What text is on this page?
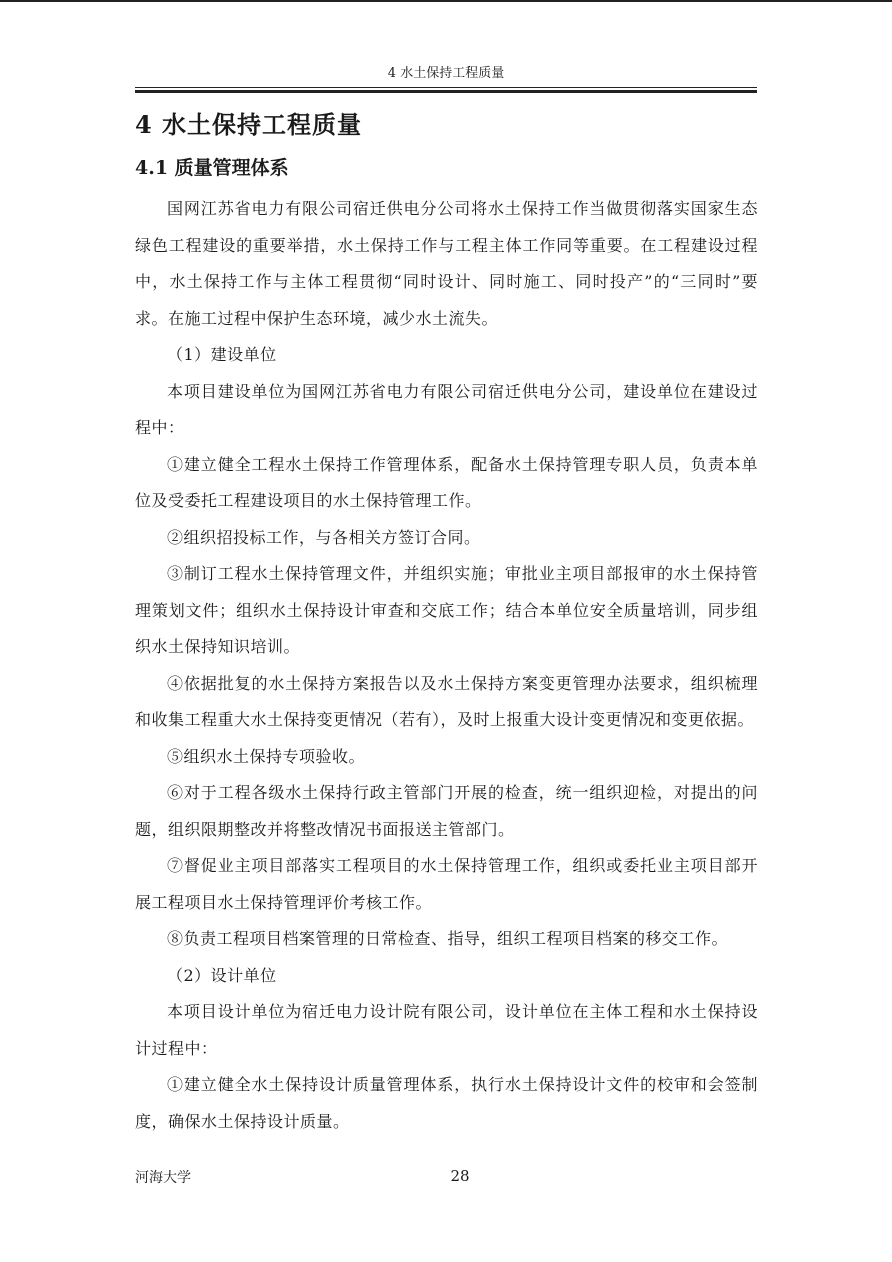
4 水土保持工程质量
4 水土保持工程质量
4.1 质量管理体系

国网江苏省电力有限公司宿迁供电分公司将水土保持工作当做贯彻落实国家生态绿色工程建设的重要举措，水土保持工作与工程主体工作同等重要。在工程建设过程中，水土保持工作与主体工程贯彻“同时设计、同时施工、同时投产”的“三同时”要求。在施工过程中保护生态环境，减少水土流失。

（1）建设单位

本项目建设单位为国网江苏省电力有限公司宿迁供电分公司，建设单位在建设过程中：

①建立健全工程水土保持工作管理体系，配备水土保持管理专职人员，负责本单位及受委托工程建设项目的水土保持管理工作。

②组织招投标工作，与各相关方签订合同。

③制订工程水土保持管理文件，并组织实施；审批业主项目部报审的水土保持管理策划文件；组织水土保持设计审查和交底工作；结合本单位安全质量培训，同步组织水土保持知识培训。

④依据批复的水土保持方案报告以及水土保持方案变更管理办法要求，组织梳理和收集工程重大水土保持变更情况（若有），及时上报重大设计变更情况和变更依据。

⑤组织水土保持专项验收。

⑥对于工程各级水土保持行政主管部门开展的检查，统一组织迎检，对提出的问题，组织限期整改并将整改情况书面报送主管部门。

⑦督促业主项目部落实工程项目的水土保持管理工作，组织或委托业主项目部开展工程项目水土保持管理评价考核工作。

⑧负责工程项目档案管理的日常检查、指导，组织工程项目档案的移交工作。

（2）设计单位

本项目设计单位为宿迁电力设计院有限公司，设计单位在主体工程和水土保持设计过程中：

①建立健全水土保持设计质量管理体系，执行水土保持设计文件的校审和会签制度，确保水土保持设计质量。

河海大学	28
